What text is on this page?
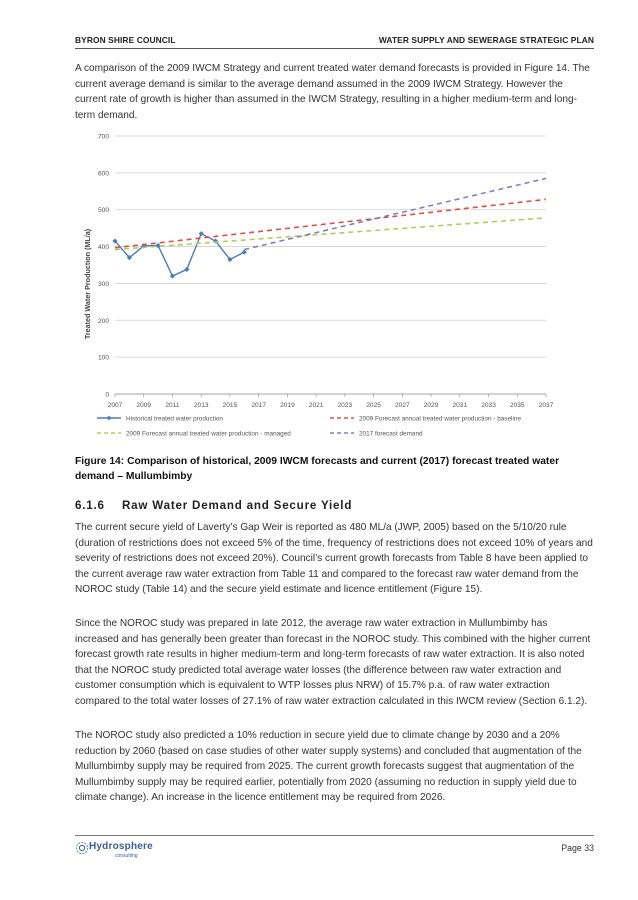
BYRON SHIRE COUNCIL	WATER SUPPLY AND SEWERAGE STRATEGIC PLAN

A comparison of the 2009 IWCM Strategy and current treated water demand forecasts is provided in Figure 14. The current average demand is similar to the average demand assumed in the 2009 IWCM Strategy. However the current rate of growth is higher than assumed in the IWCM Strategy, resulting in a higher medium-term and long-term demand.

0
100
200
300
400
500
600
700
2007 2009 2011 2013 2015 2017 2019 2021 2023 2025 2027 2029 2031 2033 2035 2037
Historical treated water production	2009 Forecast annual treated water production - baseline
2009 Forecast annual treated water production - managed	2017 forecast demand
Treated Water Production (ML/a)
Figure 14: Comparison of historical, 2009 IWCM forecasts and current (2017) forecast treated water demand – Mullumbimby
6.1.6 Raw Water Demand and Secure Yield

The current secure yield of Laverty’s Gap Weir is reported as 480 ML/a (JWP, 2005) based on the 5/10/20 rule (duration of restrictions does not exceed 5% of the time, frequency of restrictions does not exceed 10% of years and severity of restrictions does not exceed 20%). Council’s current growth forecasts from Table 8 have been applied to the current average raw water extraction from Table 11 and compared to the forecast raw water demand from the NOROC study (Table 14) and the secure yield estimate and licence entitlement (Figure 15).

Since the NOROC study was prepared in late 2012, the average raw water extraction in Mullumbimby has increased and has generally been greater than forecast in the NOROC study. This combined with the higher current forecast growth rate results in higher medium-term and long-term forecasts of raw water extraction. It is also noted that the NOROC study predicted total average water losses (the difference between raw water extraction and customer consumption which is equivalent to WTP losses plus NRW) of 15.7% p.a. of raw water extraction compared to the total water losses of 27.1% of raw water extraction calculated in this IWCM review (Section 6.1.2).

The NOROC study also predicted a 10% reduction in secure yield due to climate change by 2030 and a 20% reduction by 2060 (based on case studies of other water supply systems) and concluded that augmentation of the Mullumbimby supply may be required from 2025. The current growth forecasts suggest that augmentation of the Mullumbimby supply may be required earlier, potentially from 2020 (assuming no reduction in supply yield due to climate change). An increase in the licence entitlement may be required from 2026.

Hydrosphere
consulting
Page 33
